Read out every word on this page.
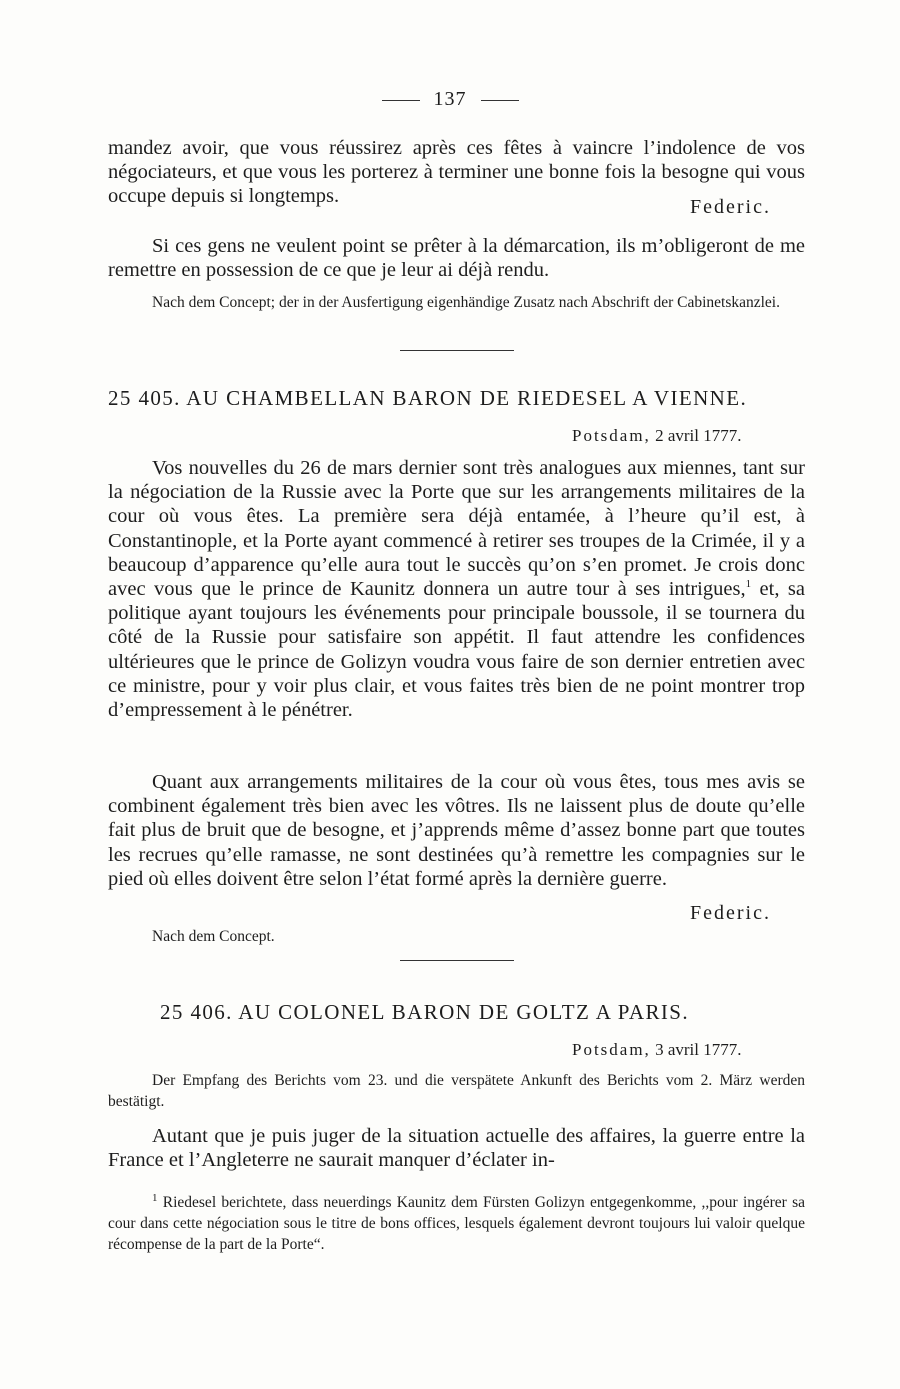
137
mandez avoir, que vous réussirez après ces fêtes à vaincre l’indolence de vos négociateurs, et que vous les porterez à terminer une bonne fois la besogne qui vous occupe depuis si longtemps.	Federic.
Si ces gens ne veulent point se prêter à la démarcation, ils m’obligeront de me remettre en possession de ce que je leur ai déjà rendu.
Nach dem Concept; der in der Ausfertigung eigenhändige Zusatz nach Abschrift der Cabinetskanzlei.
25 405. AU CHAMBELLAN BARON DE RIEDESEL A VIENNE.
Potsdam, 2 avril 1777.
Vos nouvelles du 26 de mars dernier sont très analogues aux miennes, tant sur la négociation de la Russie avec la Porte que sur les arrangements militaires de la cour où vous êtes. La première sera déjà entamée, à l’heure qu’il est, à Constantinople, et la Porte ayant commencé à retirer ses troupes de la Crimée, il y a beaucoup d’apparence qu’elle aura tout le succès qu’on s’en promet. Je crois donc avec vous que le prince de Kaunitz donnera un autre tour à ses intrigues,$^1$ et, sa politique ayant toujours les événements pour principale boussole, il se tournera du côté de la Russie pour satisfaire son appétit. Il faut attendre les confidences ultérieures que le prince de Golizyn voudra vous faire de son dernier entretien avec ce ministre, pour y voir plus clair, et vous faites très bien de ne point montrer trop d’empressement à le pénétrer.
Quant aux arrangements militaires de la cour où vous êtes, tous mes avis se combinent également très bien avec les vôtres. Ils ne laissent plus de doute qu’elle fait plus de bruit que de besogne, et j’apprends même d’assez bonne part que toutes les recrues qu’elle ramasse, ne sont destinées qu’à remettre les compagnies sur le pied où elles doivent être selon l’état formé après la dernière guerre.
Federic.
Nach dem Concept.
25 406. AU COLONEL BARON DE GOLTZ A PARIS.
Potsdam, 3 avril 1777.
Der Empfang des Berichts vom 23. und die verspätete Ankunft des Berichts vom 2. März werden bestätigt.
Autant que je puis juger de la situation actuelle des affaires, la guerre entre la France et l’Angleterre ne saurait manquer d’éclater in-
$^1$ Riedesel berichtete, dass neuerdings Kaunitz dem Fürsten Golizyn entgegenkomme, ,,pour ingérer sa cour dans cette négociation sous le titre de bons offices, lesquels également devront toujours lui valoir quelque récompense de la part de la Porte“.
